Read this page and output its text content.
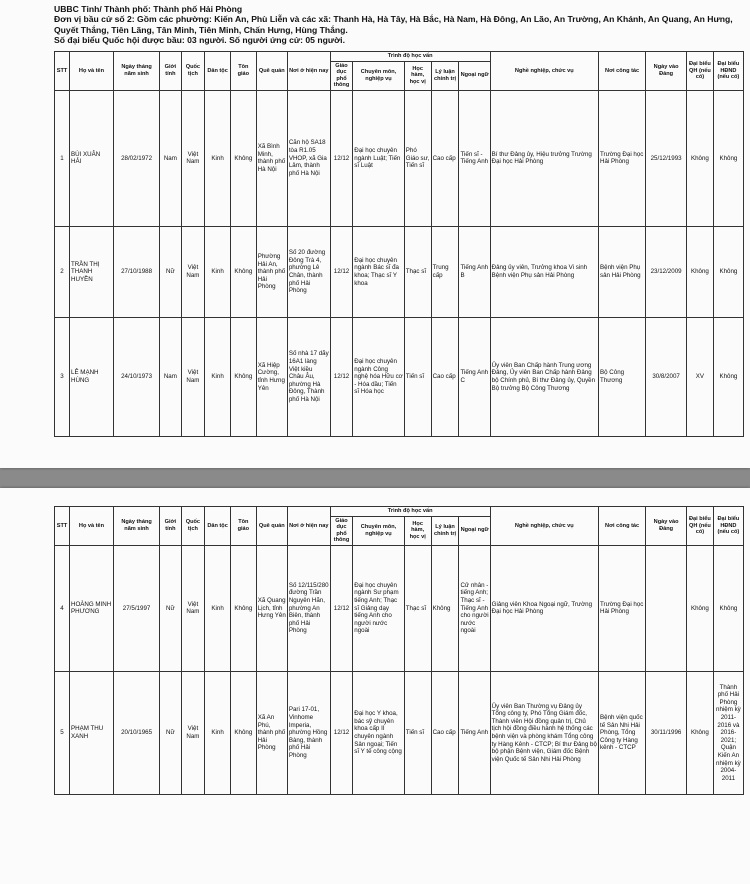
UBBC Tỉnh/ Thành phố: Thành phố Hải Phòng
Đơn vị bầu cử số 2: Gồm các phường: Kiến An, Phù Liễn và các xã: Thanh Hà, Hà Tây, Hà Bắc, Hà Nam, Hà Đông, An Lão, An Trường, An Khánh, An Quang, An Hưng, Quyết Thắng, Tiên Lãng, Tân Minh, Tiên Minh, Chấn Hưng, Hùng Thắng.
Số đại biểu Quốc hội được bầu: 03 người. Số người ứng cử: 05 người.
STT	Họ và tên	Ngày tháng năm sinh	Giới tính	Quốc tịch	Dân tộc	Tôn giáo	Quê quán	Nơi ở hiện nay	Trình độ học vấn					Nghề nghiệp, chức vụ	Nơi công tác	Ngày vào Đảng	Đại biểu QH (nếu có)	Đại biểu HĐND (nếu có)
									Giáo dục phổ thông	Chuyên môn, nghiệp vụ	Học hàm, học vị	Lý luận chính trị	Ngoại ngữ					
1	BÙI XUÂN HẢI	28/02/1972	Nam	Việt Nam	Kinh	Không	Xã Bình Minh, thành phố Hà Nội	Căn hộ SA18 tòa R1.05 VHOP, xã Gia Lâm, thành phố Hà Nội	12/12	Đại học chuyên ngành Luật; Tiến sĩ Luật	Phó Giáo sư, Tiến sĩ	Cao cấp	Tiến sĩ - Tiếng Anh	Bí thư Đảng ủy, Hiệu trưởng Trường Đại học Hải Phòng	Trường Đại học Hải Phòng	25/12/1993	Không	Không
2	TRẦN THỊ THANH HUYỀN	27/10/1988	Nữ	Việt Nam	Kinh	Không	Phường Hải An, thành phố Hải Phòng	Số 20 đường Đông Trà 4, phường Lê Chân, thành phố Hải Phòng	12/12	Đại học chuyên ngành Bác sĩ đa khoa; Thạc sĩ Y khoa	Thạc sĩ	Trung cấp	Tiếng Anh B	Đảng ủy viên, Trưởng khoa Vi sinh Bệnh viện Phụ sản Hải Phòng	Bệnh viện Phụ sản Hải Phòng	23/12/2009	Không	Không
3	LÊ MẠNH HÙNG	24/10/1973	Nam	Việt Nam	Kinh	Không	Xã Hiệp Cường, tỉnh Hưng Yên	Số nhà 17 dãy 16A1 làng Việt kiều Châu Âu, phường Hà Đông, Thành phố Hà Nội	12/12	Đại học chuyên ngành Công nghệ hóa Hữu cơ - Hóa dầu; Tiến sĩ Hóa học	Tiến sĩ	Cao cấp	Tiếng Anh C	Ủy viên Ban Chấp hành Trung ương Đảng, Ủy viên Ban Chấp hành Đảng bộ Chính phủ, Bí thư Đảng ủy, Quyền Bộ trưởng Bộ Công Thương	Bộ Công Thương	30/8/2007	XV	Không
STT	Họ và tên	Ngày tháng năm sinh	Giới tính	Quốc tịch	Dân tộc	Tôn giáo	Quê quán	Nơi ở hiện nay	Trình độ học vấn					Nghề nghiệp, chức vụ	Nơi công tác	Ngày vào Đảng	Đại biểu QH (nếu có)	Đại biểu HĐND (nếu có)
									Giáo dục phổ thông	Chuyên môn, nghiệp vụ	Học hàm, học vị	Lý luận chính trị	Ngoại ngữ					
4	HOÀNG MINH PHƯƠNG	27/5/1997	Nữ	Việt Nam	Kinh	Không	Xã Quang Lịch, tỉnh Hưng Yên	Số 12/115/280 đường Trần Nguyên Hãn, phường An Biên, thành phố Hải Phòng	12/12	Đại học chuyên ngành Sư phạm tiếng Anh; Thạc sĩ Giảng dạy tiếng Anh cho người nước ngoài	Thạc sĩ	Không	Cử nhân - tiếng Anh; Thạc sĩ - Tiếng Anh cho người nước ngoài	Giảng viên Khoa Ngoại ngữ, Trường Đại học Hải Phòng	Trường Đại học Hải Phòng		Không	Không
5	PHẠM THU XANH	20/10/1965	Nữ	Việt Nam	Kinh	Không	Xã An Phú, thành phố Hải Phòng	Pari 17-01, Vinhome Imperia, phường Hồng Bàng, thành phố Hải Phòng	12/12	Đại học Y khoa, bác sỹ chuyên khoa cấp II chuyên ngành Sản ngoại; Tiến sĩ Y tế công cộng	Tiến sĩ	Cao cấp	Tiếng Anh	Ủy viên Ban Thường vụ Đảng ủy Tổng công ty, Phó Tổng Giám đốc, Thành viên Hội đồng quản trị, Chủ tịch hội đồng điều hành hệ thống các bệnh viện và phòng khám Tổng công ty Hàng Kênh - CTCP; Bí thư Đảng bộ bộ phận Bệnh viện, Giám đốc Bệnh viện Quốc tế Sản Nhi Hải Phòng	Bệnh viện quốc tế Sản Nhi Hải Phòng, Tổng Công ty Hàng kênh - CTCP	30/11/1996	Không	Thành phố Hải Phòng nhiệm kỳ 2011-2016 và 2016-2021; Quận Kiến An nhiệm kỳ 2004-2011
